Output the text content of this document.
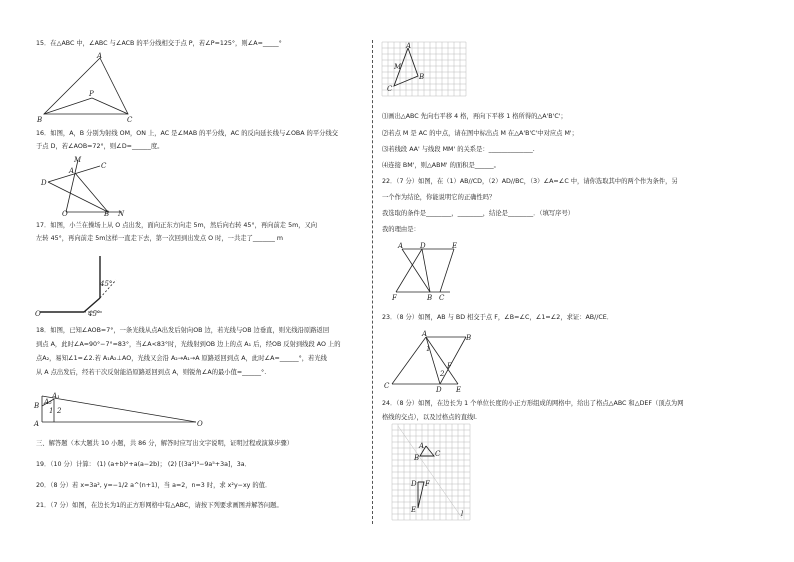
15．在△ABC 中，∠ABC 与∠ACB 的平分线相交于点 P，若∠P=125°，则∠A=_____°
A
B
P
C
16．如图，A，B 分别为射线 OM，ON 上，AC 是∠MAB 的平分线，AC 的反向延长线与∠OBA 的平分线交
于点 D，若∠AOB=72°，则∠D=______度。
M
A
D
C
O	B N
17．如图，小兰在操场上从 O 点出发，面向正东方向走 5m，然后向右转 45°，再向前走 5m，又向
左转 45°，再向前走 5m这样一直走下去，第一次回到出发点 O 时，一共走了_______ m
45°
O	45°
18．如图，已知∠AOB=7°，一条光线从点A出发后射向OB 边，若光线与OB 边垂直，则光线沿原路返回
到点 A，此时∠A=90°−7°=83°，当∠A<83°时，光线射到OB 边上的点 A₁ 后，经OB 反射到线段 AO 上的
点A₂，易知∠1=∠2.若 A₁A₂⊥AO，光线又会沿 A₂→A₁→A 原路返回到点 A，此时∠A=______°，若光线
从 A 点出发后，经若干次反射能沿原路返回到点 A，则锐角∠A的最小值=______°.
A₁
A₂
B
1 2
A	O
三、解答题（本大题共 10 小题，共 86 分，解答时应写出文字说明，证明过程或演算步骤）
19．（10 分）计算： (1) (a+b)²+a(a−2b)； (2) [(3a²)³−9a⁵+3a]，3a．
20．（8 分）若 x=3a², y=−1/2 a^(n+1)，当 a=2，n=3 时，求 x²y−xy 的值．
21．（7 分）如图，在边长为1的正方形网格中有△ABC，请按下列要求画图并解答问题。
A
M
B
C
⑴画出△ABC 先向右平移 4 格，再向下平移 1 格所得的△A'B'C'；
⑵若点 M 是 AC 的中点，请在图中标出点 M 在△A'B'C'中对应点 M'；
⑶若线段 AA' 与线段 MM' 的关系是：______________.
⑷连接 BM'，则△ABM' 的面积是______。
22．（7 分）如图，在（1）AB//CD，（2）AD//BC，（3）∠A=∠C 中，请你选取其中的两个作为条件，另
一个作为结论，你能说明它的正确性吗？
我选取的条件是________，________，结论是________．（填写序号）
我的理由是：
A D	E
F	B C
23．（8 分）如图，AB 与 BD 相交于点 F，∠B=∠C，∠1=∠2，求证：AB//CE．
A	B
1
F
2
C	D E
24．（8 分）如图，在边长为 1 个单位长度的小正方形组成的网格中，给出了格点△ABC 和△DEF（顶点为网
格线的交点），以及过格点的直线l.
A
B C
D
E
F
l
